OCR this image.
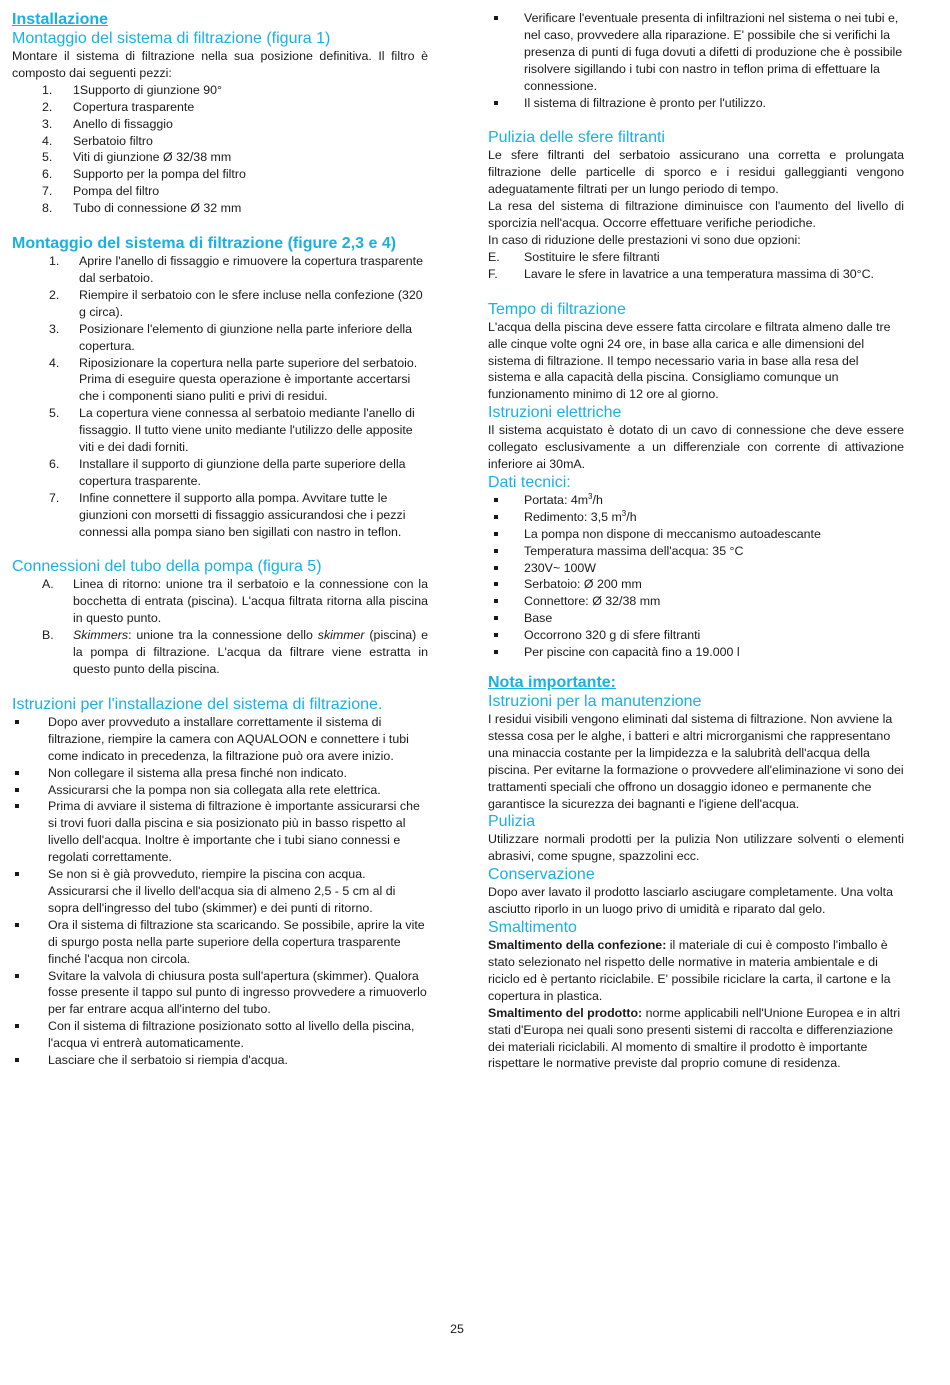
Installazione
Montaggio del sistema di filtrazione (figura 1)

Montare il sistema di filtrazione nella sua posizione definitiva. Il filtro è composto dai seguenti pezzi:

1. 1Supporto di giunzione 90°
2. Copertura trasparente
3. Anello di fissaggio
4. Serbatoio filtro
5. Viti di giunzione Ø 32/38 mm
6. Supporto per la pompa del filtro
7. Pompa del filtro
8. Tubo di connessione Ø 32 mm
Montaggio del sistema di filtrazione (figure 2,3 e 4)
1. Aprire l'anello di fissaggio e rimuovere la copertura trasparente dal serbatoio.
2. Riempire il serbatoio con le sfere incluse nella confezione (320 g circa).
3. Posizionare l'elemento di giunzione nella parte inferiore della copertura.
4. Riposizionare la copertura nella parte superiore del serbatoio. Prima di eseguire questa operazione è importante accertarsi che i componenti siano puliti e privi di residui.
5. La copertura viene connessa al serbatoio mediante l'anello di fissaggio. Il tutto viene unito mediante l'utilizzo delle apposite viti e dei dadi forniti.
6. Installare il supporto di giunzione della parte superiore della copertura trasparente.
7. Infine connettere il supporto alla pompa. Avvitare tutte le giunzioni con morsetti di fissaggio assicurandosi che i pezzi connessi alla pompa siano ben sigillati con nastro in teflon.
Connessioni del tubo della pompa (figura 5)
A. Linea di ritorno: unione tra il serbatoio e la connessione con la bocchetta di entrata (piscina). L'acqua filtrata ritorna alla piscina in questo punto.
B. Skimmers: unione tra la connessione dello skimmer (piscina) e la pompa di filtrazione. L'acqua da filtrare viene estratta in questo punto della piscina.
Istruzioni per l'installazione del sistema di filtrazione.
Dopo aver provveduto a installare correttamente il sistema di filtrazione, riempire la camera con AQUALOON e connettere i tubi come indicato in precedenza, la filtrazione può ora avere inizio.
Non collegare il sistema alla presa finché non indicato.
Assicurarsi che la pompa non sia collegata alla rete elettrica.
Prima di avviare il sistema di filtrazione è importante assicurarsi che si trovi fuori dalla piscina e sia posizionato più in basso rispetto al livello dell'acqua. Inoltre è importante che i tubi siano connessi e regolati correttamente.
Se non si è già provveduto, riempire la piscina con acqua. Assicurarsi che il livello dell'acqua sia di almeno 2,5 - 5 cm al di sopra dell'ingresso del tubo (skimmer) e dei punti di ritorno.
Ora il sistema di filtrazione sta scaricando. Se possibile, aprire la vite di spurgo posta nella parte superiore della copertura trasparente finché l'acqua non circola.
Svitare la valvola di chiusura posta sull'apertura (skimmer). Qualora fosse presente il tappo sul punto di ingresso provvedere a rimuoverlo per far entrare acqua all'interno del tubo.
Con il sistema di filtrazione posizionato sotto al livello della piscina, l'acqua vi entrerà automaticamente.
Lasciare che il serbatoio si riempia d'acqua.
Verificare l'eventuale presenta di infiltrazioni nel sistema o nei tubi e, nel caso, provvedere alla riparazione. E' possibile che si verifichi la presenza di punti di fuga dovuti a difetti di produzione che è possibile risolvere sigillando i tubi con nastro in teflon prima di effettuare la connessione.
Il sistema di filtrazione è pronto per l'utilizzo.
Pulizia delle sfere filtranti

Le sfere filtranti del serbatoio assicurano una corretta e prolungata filtrazione delle particelle di sporco e i residui galleggianti vengono adeguatamente filtrati per un lungo periodo di tempo.

La resa del sistema di filtrazione diminuisce con l'aumento del livello di sporcizia nell'acqua. Occorre effettuare verifiche periodiche.

In caso di riduzione delle prestazioni vi sono due opzioni:

E. Sostituire le sfere filtranti
F. Lavare le sfere in lavatrice a una temperatura massima di 30°C.
Tempo di filtrazione

L'acqua della piscina deve essere fatta circolare e filtrata almeno dalle tre alle cinque volte ogni 24 ore, in base alla carica e alle dimensioni del sistema di filtrazione. Il tempo necessario varia in base alla resa del sistema e alla capacità della piscina. Consigliamo comunque un funzionamento minimo di 12 ore al giorno.

Istruzioni elettriche

Il sistema acquistato è dotato di un cavo di connessione che deve essere collegato esclusivamente a un differenziale con corrente di attivazione inferiore ai 30mA.

Dati tecnici:
Portata: $4m^3/h$
Redimento: 3,5 $m^3/h$
La pompa non dispone di meccanismo autoadescante
Temperatura massima dell'acqua: 35 °C
230V~ 100W
Serbatoio: Ø 200 mm
Connettore: Ø 32/38 mm
Base
Occorrono 320 g di sfere filtranti
Per piscine con capacità fino a 19.000 l
Nota importante:
Istruzioni per la manutenzione

I residui visibili vengono eliminati dal sistema di filtrazione. Non avviene la stessa cosa per le alghe, i batteri e altri microrganismi che rappresentano una minaccia costante per la limpidezza e la salubrità dell'acqua della piscina. Per evitarne la formazione o provvedere all'eliminazione vi sono dei trattamenti speciali che offrono un dosaggio idoneo e permanente che garantisce la sicurezza dei bagnanti e l'igiene dell'acqua.

Pulizia

Utilizzare normali prodotti per la pulizia Non utilizzare solventi o elementi abrasivi, come spugne, spazzolini ecc.

Conservazione

Dopo aver lavato il prodotto lasciarlo asciugare completamente. Una volta asciutto riporlo in un luogo privo di umidità e riparato dal gelo.

Smaltimento

Smaltimento della confezione: il materiale di cui è composto l'imballo è stato selezionato nel rispetto delle normative in materia ambientale e di riciclo ed è pertanto riciclabile. E' possibile riciclare la carta, il cartone e la copertura in plastica.

Smaltimento del prodotto: norme applicabili nell'Unione Europea e in altri stati d'Europa nei quali sono presenti sistemi di raccolta e differenziazione dei materiali riciclabili. Al momento di smaltire il prodotto è importante rispettare le normative previste dal proprio comune di residenza.

25
